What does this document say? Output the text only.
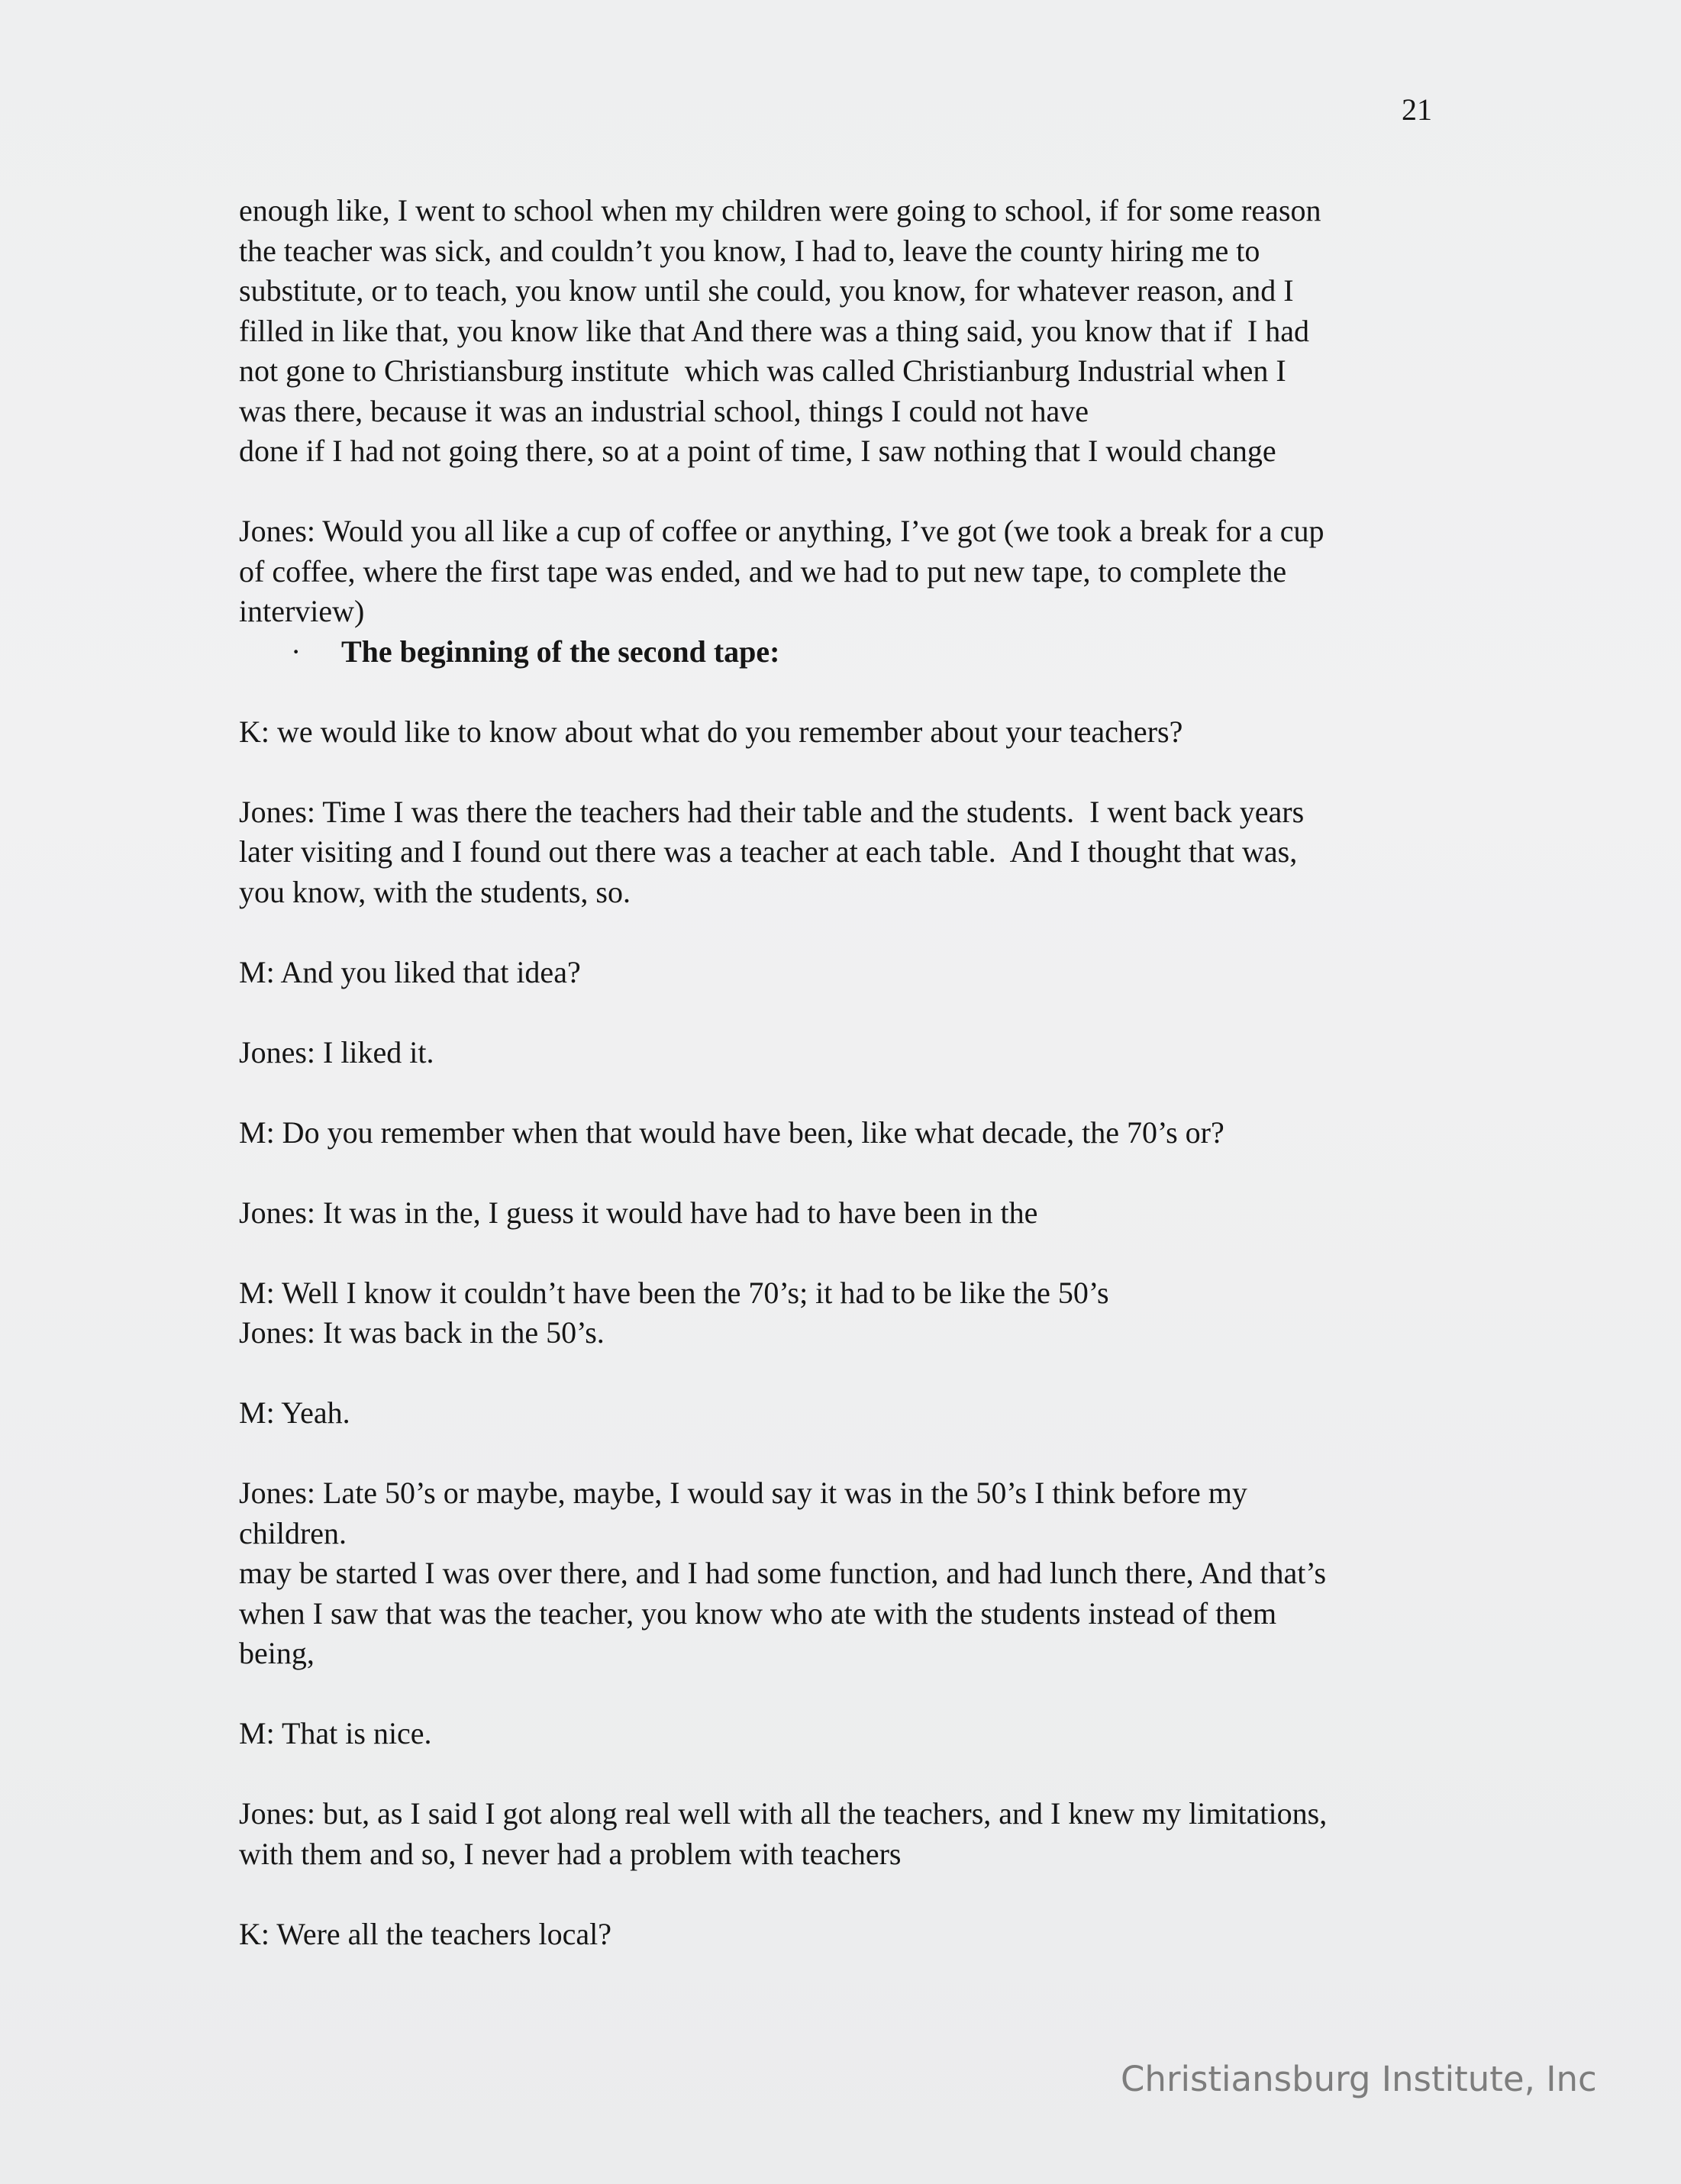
21
enough like, I went to school when my children were going to school, if for some reason
the teacher was sick, and couldn’t you know, I had to, leave the county hiring me to
substitute, or to teach, you know until she could, you know, for whatever reason, and I
filled in like that, you know like that And there was a thing said, you know that if  I had
not gone to Christiansburg institute  which was called Christianburg Industrial when I
was there, because it was an industrial school, things I could not have
done if I had not going there, so at a point of time, I saw nothing that I would change
Jones: Would you all like a cup of coffee or anything, I’ve got (we took a break for a cup
of coffee, where the first tape was ended, and we had to put new tape, to complete the
interview)
· The beginning of the second tape:
K: we would like to know about what do you remember about your teachers?
Jones: Time I was there the teachers had their table and the students.  I went back years
later visiting and I found out there was a teacher at each table.  And I thought that was,
you know, with the students, so.
M: And you liked that idea?
Jones: I liked it.
M: Do you remember when that would have been, like what decade, the 70’s or?
Jones: It was in the, I guess it would have had to have been in the
M: Well I know it couldn’t have been the 70’s; it had to be like the 50’s
Jones: It was back in the 50’s.
M: Yeah.
Jones: Late 50’s or maybe, maybe, I would say it was in the 50’s I think before my
children.
may be started I was over there, and I had some function, and had lunch there, And that’s
when I saw that was the teacher, you know who ate with the students instead of them
being,
M: That is nice.
Jones: but, as I said I got along real well with all the teachers, and I knew my limitations,
with them and so, I never had a problem with teachers
K: Were all the teachers local?
Christiansburg Institute, Inc
